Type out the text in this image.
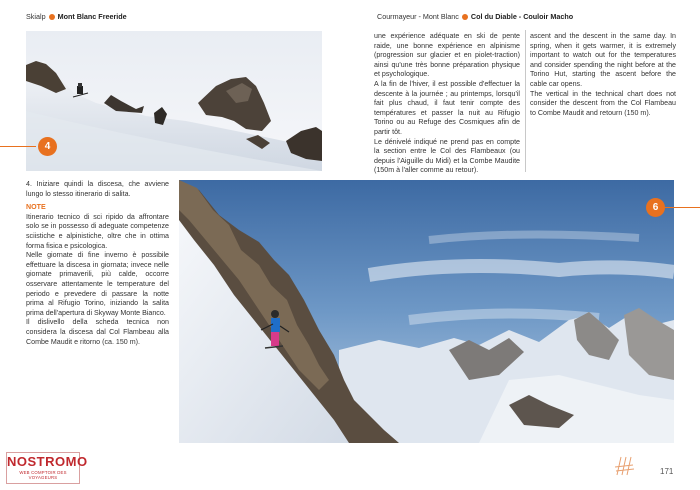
Skialp Mont Blanc Freeride	Courmayeur - Mont Blanc Col du Diable - Couloir Macho
4

une expérience adéquate en ski de pente raide, une bonne expérience en alpinisme (progression sur glacier et en piolet-traction) ainsi qu'une très bonne préparation physique et psychologique.

A la fin de l'hiver, il est possible d'effectuer la descente à la journée ; au printemps, lorsqu'il fait plus chaud, il faut tenir compte des températures et passer la nuit au Rifugio Torino ou au Refuge des Cosmiques afin de partir tôt.

Le dénivelé indiqué ne prend pas en compte la section entre le Col des Flambeaux (ou depuis l'Aiguille du Midi) et la Combe Maudite (150m à l'aller comme au retour).

ascent and the descent in the same day. In spring, when it gets warmer, it is extremely important to watch out for the temperatures and consider spending the night before at the Torino Hut, starting the ascent before the cable car opens.

The vertical in the technical chart does not consider the descent from the Col Flambeau to Combe Maudit and retourn (150 m).

4. Iniziare quindi la discesa, che avviene lungo lo stesso itinerario di salita.

NOTE

Itinerario tecnico di sci ripido da affrontare solo se in possesso di adeguate competenze sciistiche e alpinistiche, oltre che in ottima forma fisica e psicologica.

Nelle giornate di fine inverno è possibile effettuare la discesa in giornata; invece nelle giornate primaverili, più calde, occorre osservare attentamente le temperature del periodo e prevedere di passare la notte prima al Rifugio Torino, iniziando la salita prima dell'apertura di Skyway Monte Bianco.

Il dislivello della scheda tecnica non considera la discesa dal Col Flambeau alla Combe Maudit e ritorno (ca. 150 m).

6
NOSTROMO
WEB COMPTOIR DES VOYAGEURS
171
